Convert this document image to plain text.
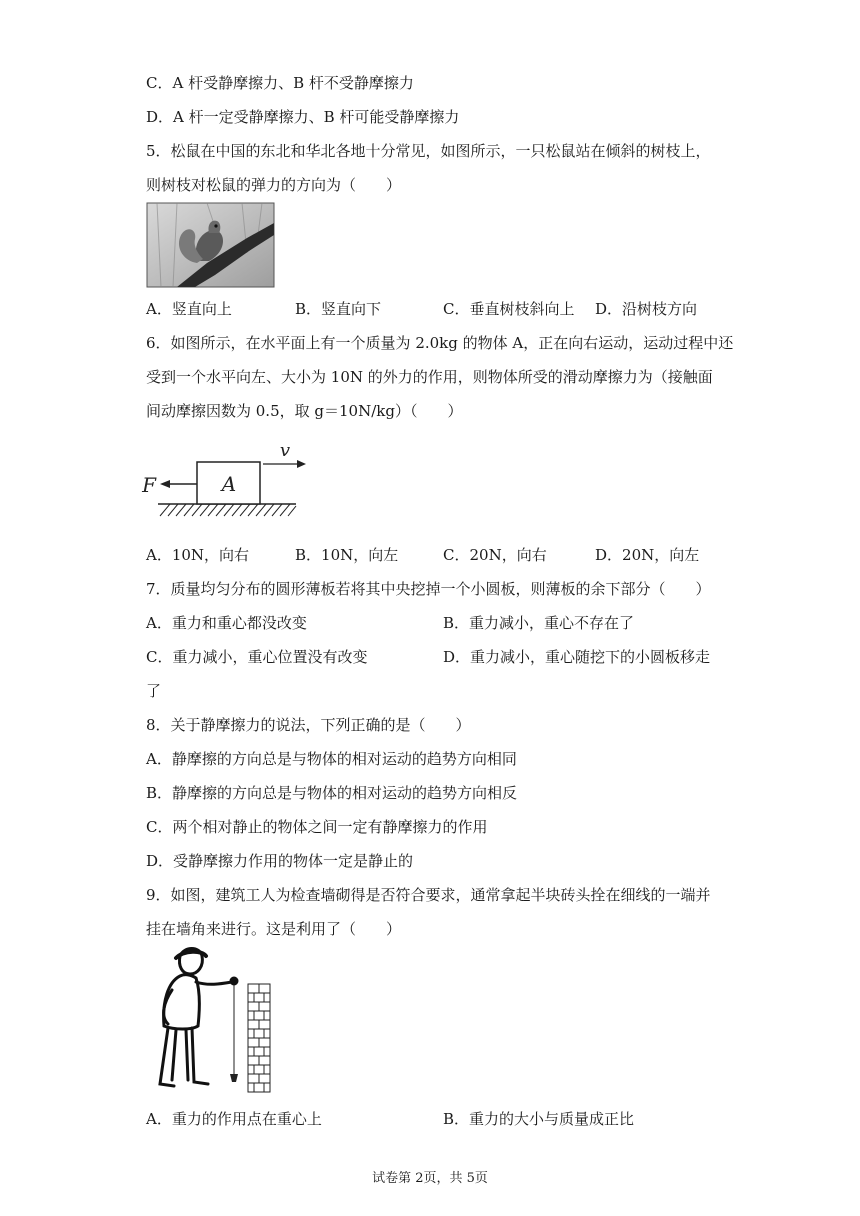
C．A 杆受静摩擦力、B 杆不受静摩擦力
D．A 杆一定受静摩擦力、B 杆可能受静摩擦力
5．松鼠在中国的东北和华北各地十分常见，如图所示，一只松鼠站在倾斜的树枝上，
则树枝对松鼠的弹力的方向为（　　）
A．竖直向上	B．竖直向下	C．垂直树枝斜向上 D．沿树枝方向
6．如图所示，在水平面上有一个质量为 2.0kg 的物体 A，正在向右运动，运动过程中还
受到一个水平向左、大小为 10N 的外力的作用，则物体所受的滑动摩擦力为（接触面
间动摩擦因数为 0.5，取 g＝10N/kg）（　　）
A
F
v
A．10N，向右	B．10N，向左	C．20N，向右	D．20N，向左
7．质量均匀分布的圆形薄板若将其中央挖掉一个小圆板，则薄板的余下部分（　　）
A．重力和重心都没改变	B．重力减小，重心不存在了
C．重力减小，重心位置没有改变	D．重力减小，重心随挖下的小圆板移走
了
8．关于静摩擦力的说法，下列正确的是（　　）
A．静摩擦的方向总是与物体的相对运动的趋势方向相同
B．静摩擦的方向总是与物体的相对运动的趋势方向相反
C．两个相对静止的物体之间一定有静摩擦力的作用
D．受静摩擦力作用的物体一定是静止的
9．如图，建筑工人为检查墙砌得是否符合要求，通常拿起半块砖头拴在细线的一端并
挂在墙角来进行。这是利用了（　　）
A．重力的作用点在重心上	B．重力的大小与质量成正比
试卷第 2页，共 5页
